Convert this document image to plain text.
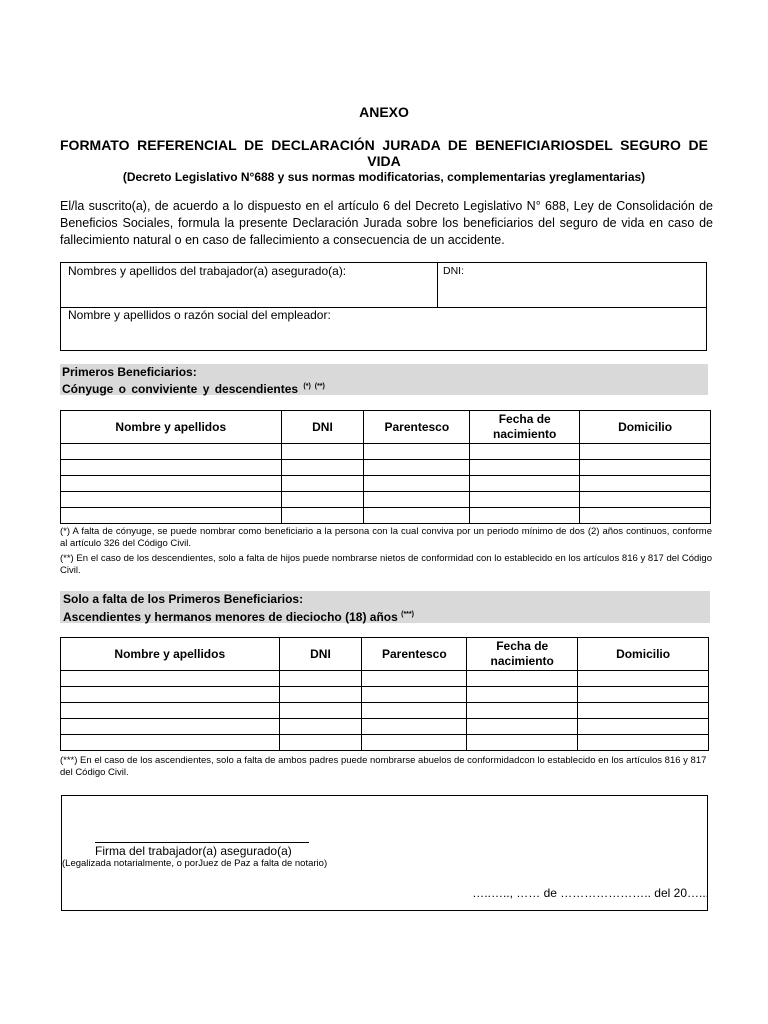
ANEXO
FORMATO REFERENCIAL DE DECLARACIÓN JURADA DE BENEFICIARIOSDEL SEGURO DE VIDA
(Decreto Legislativo N°688 y sus normas modificatorias, complementarias yreglamentarias)
El/la suscrito(a), de acuerdo a lo dispuesto en el artículo 6 del Decreto Legislativo N° 688, Ley de Consolidación de Beneficios Sociales, formula la presente Declaración Jurada sobre los beneficiarios del seguro de vida en caso de fallecimiento natural o en caso de fallecimiento a consecuencia de un accidente.
Nombres y apellidos del trabajador(a) asegurado(a):	DNI:
Nombre y apellidos o razón social del empleador:
Primeros Beneficiarios:
Cónyuge o conviviente y descendientes (*) (**)
Nombre y apellidos	DNI	Parentesco	Fecha de nacimiento	Domicilio

(*) A falta de cónyuge, se puede nombrar como beneficiario a la persona con la cual conviva por un periodo mínimo de dos (2) años continuos, conforme al artículo 326 del Código Civil.
(**) En el caso de los descendientes, solo a falta de hijos puede nombrarse nietos de conformidad con lo establecido en los artículos 816 y 817 del Código Civil.
Solo a falta de los Primeros Beneficiarios:
Ascendientes y hermanos menores de dieciocho (18) años (***)
Nombre y apellidos	DNI	Parentesco	Fecha de nacimiento	Domicilio

(***) En el caso de los ascendientes, solo a falta de ambos padres puede nombrarse abuelos de conformidadcon lo establecido en los artículos 816 y 817 del Código Civil.
Firma del trabajador(a) asegurado(a)
(Legalizada notarialmente, o porJuez de Paz a falta de notario)
…..….., …… de ………………….. del 20…...
